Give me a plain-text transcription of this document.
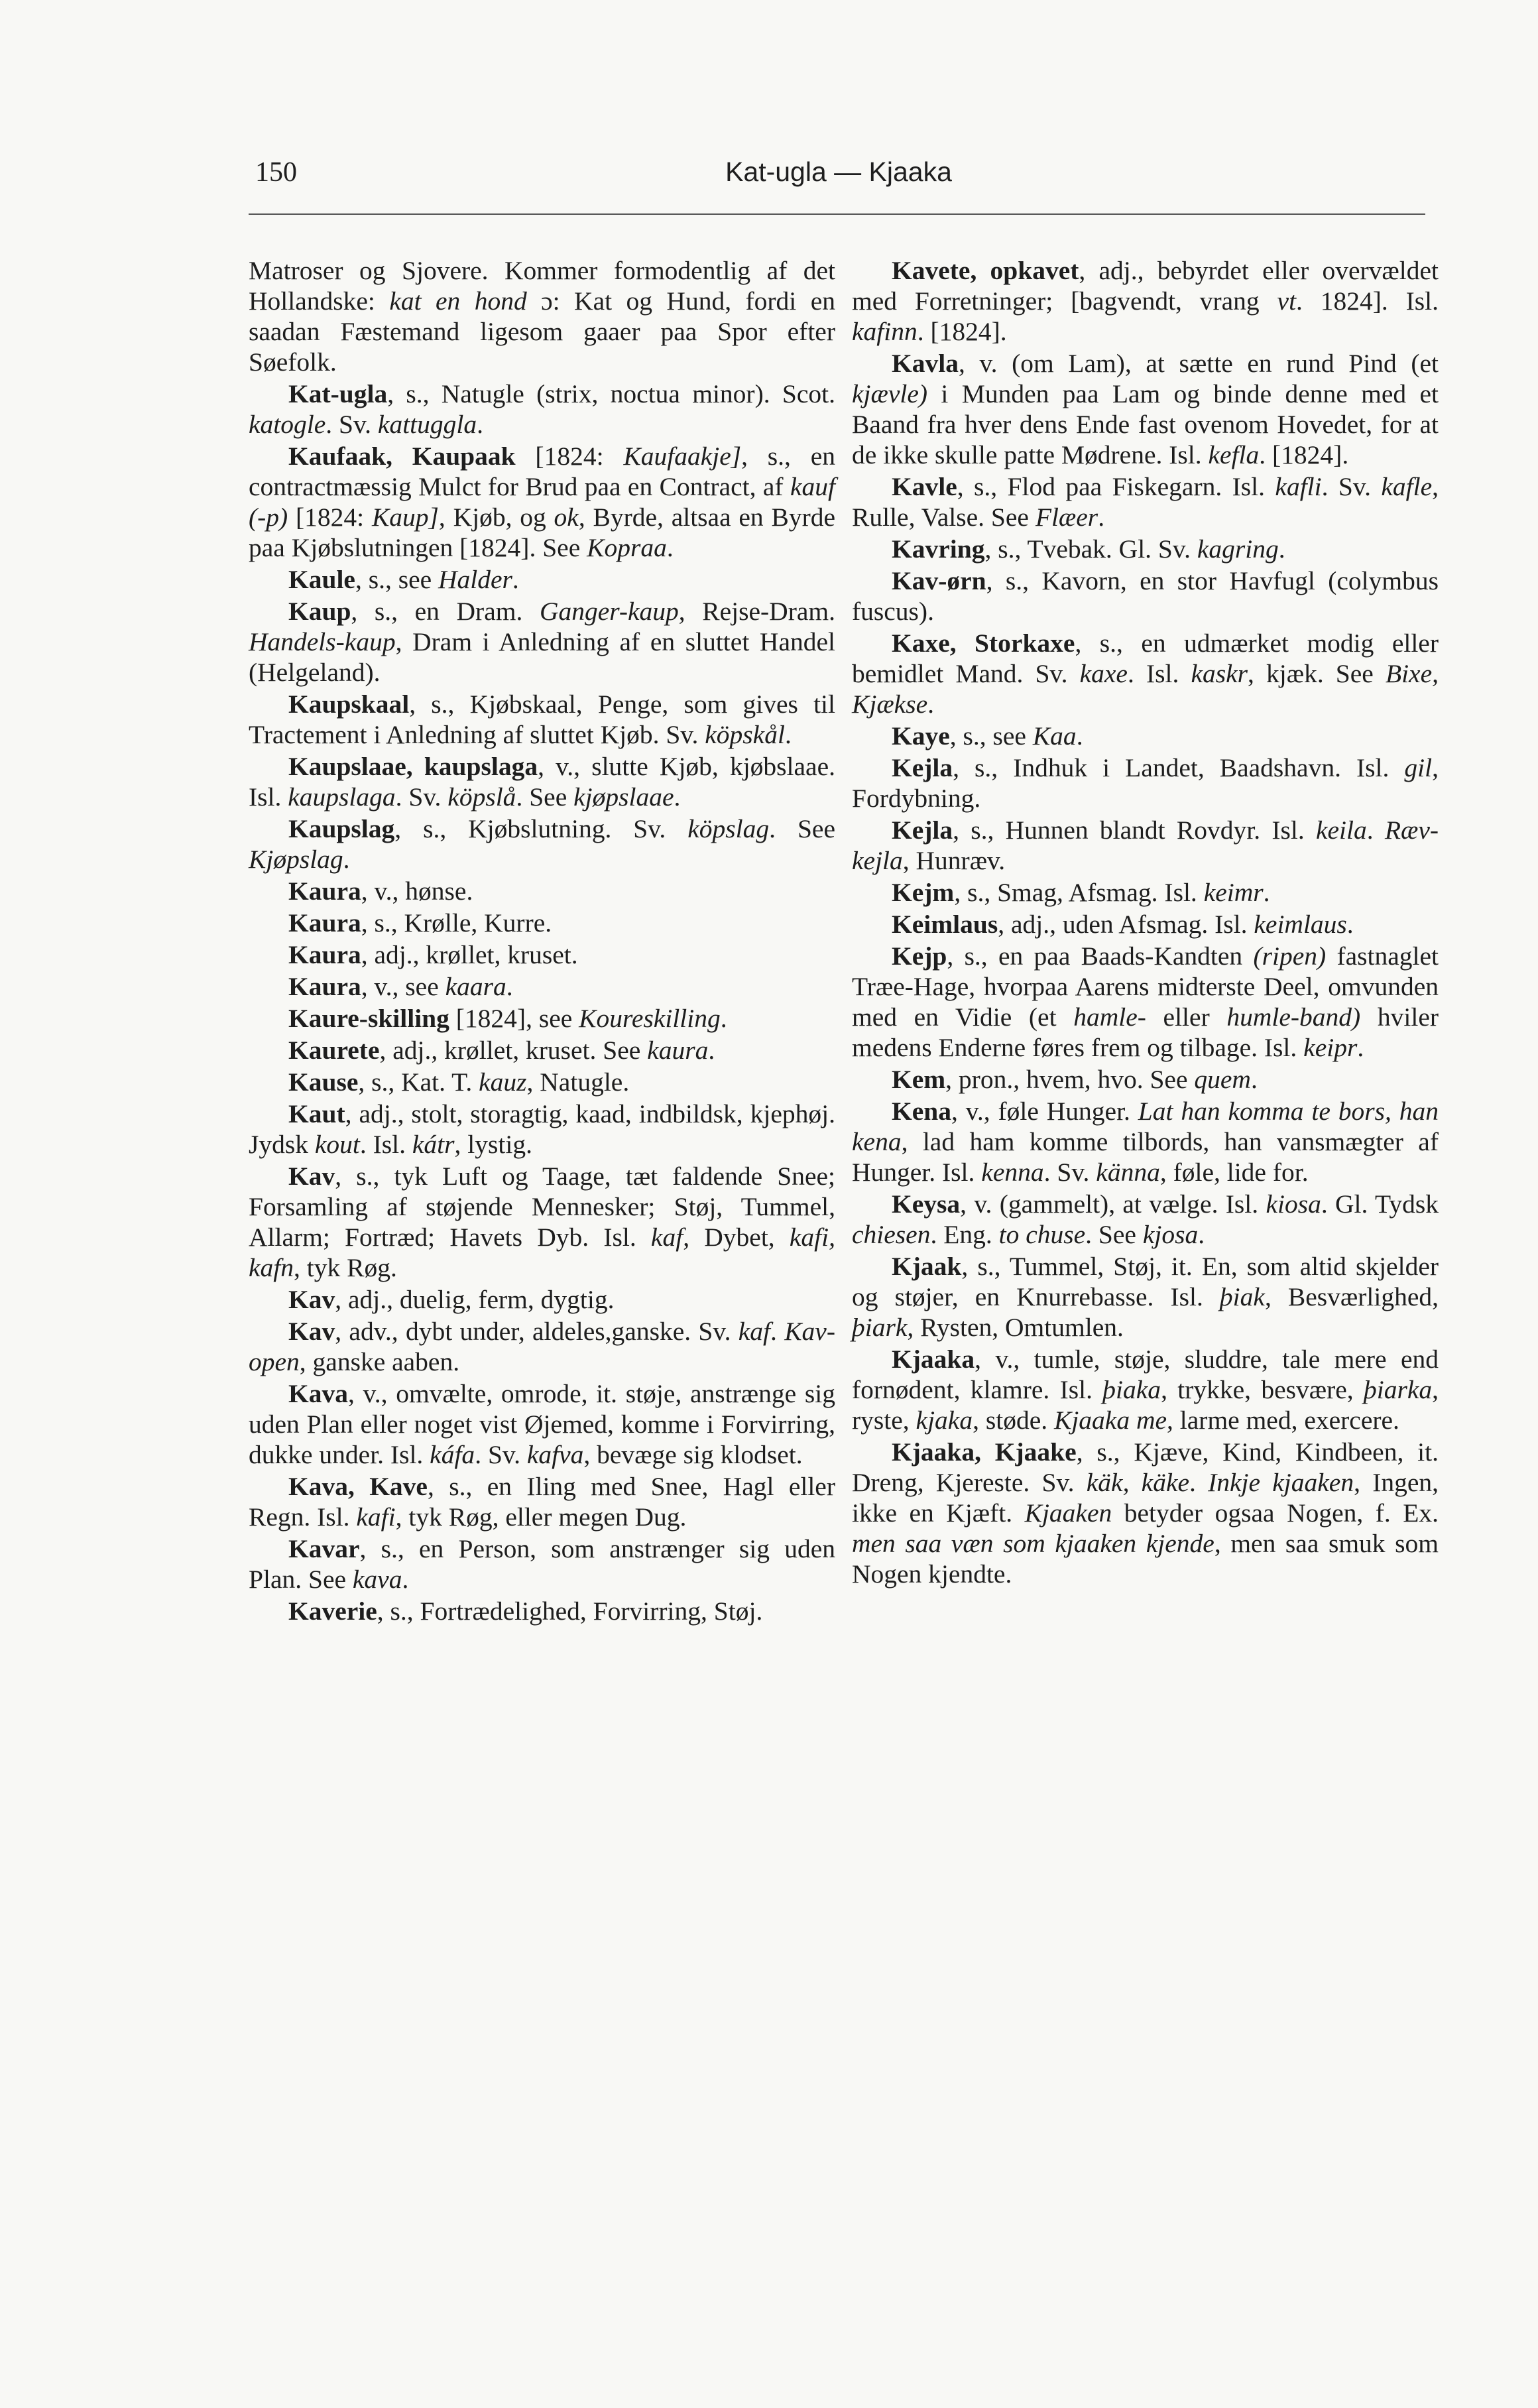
150	Kat-ugla — Kjaaka

Matroser og Sjovere. Kommer formodentlig af det Hollandske: kat en hond ɔ: Kat og Hund, fordi en saadan Fæstemand ligesom gaaer paa Spor efter Søefolk.

Kat-ugla, s., Natugle (strix, noctua minor). Scot. katogle. Sv. kattuggla.

Kaufaak, Kaupaak [1824: Kaufaakje], s., en contractmæssig Mulct for Brud paa en Contract, af kauf (-p) [1824: Kaup], Kjøb, og ok, Byrde, altsaa en Byrde paa Kjøbslutningen [1824]. See Kopraa.

Kaule, s., see Halder.

Kaup, s., en Dram. Ganger-kaup, Rejse-Dram. Handels-kaup, Dram i Anledning af en sluttet Handel (Helgeland).

Kaupskaal, s., Kjøbskaal, Penge, som gives til Tractement i Anledning af sluttet Kjøb. Sv. köpskål.

Kaupslaae, kaupslaga, v., slutte Kjøb, kjøbslaae. Isl. kaupslaga. Sv. köpslå. See kjøpslaae.

Kaupslag, s., Kjøbslutning. Sv. köpslag. See Kjøpslag.

Kaura, v., hønse.

Kaura, s., Krølle, Kurre.

Kaura, adj., krøllet, kruset.

Kaura, v., see kaara.

Kaure-skilling [1824], see Koureskilling.

Kaurete, adj., krøllet, kruset. See kaura.

Kause, s., Kat. T. kauz, Natugle.

Kaut, adj., stolt, storagtig, kaad, indbildsk, kjephøj. Jydsk kout. Isl. kátr, lystig.

Kav, s., tyk Luft og Taage, tæt faldende Snee; Forsamling af støjende Mennesker; Støj, Tummel, Allarm; Fortræd; Havets Dyb. Isl. kaf, Dybet, kafi, kafn, tyk Røg.

Kav, adj., duelig, ferm, dygtig.

Kav, adv., dybt under, aldeles,ganske. Sv. kaf. Kav-open, ganske aaben.

Kava, v., omvælte, omrode, it. støje, anstrænge sig uden Plan eller noget vist Øjemed, komme i Forvirring, dukke under. Isl. káfa. Sv. kafva, bevæge sig klodset.

Kava, Kave, s., en Iling med Snee, Hagl eller Regn. Isl. kafi, tyk Røg, eller megen Dug.

Kavar, s., en Person, som anstrænger sig uden Plan. See kava.

Kaverie, s., Fortrædelighed, Forvirring, Støj.

Kavete, opkavet, adj., bebyrdet eller overvældet med Forretninger; [bagvendt, vrang vt. 1824]. Isl. kafinn. [1824].

Kavla, v. (om Lam), at sætte en rund Pind (et kjævle) i Munden paa Lam og binde denne med et Baand fra hver dens Ende fast ovenom Hovedet, for at de ikke skulle patte Mødrene. Isl. kefla. [1824].

Kavle, s., Flod paa Fiskegarn. Isl. kafli. Sv. kafle, Rulle, Valse. See Flæer.

Kavring, s., Tvebak. Gl. Sv. kagring.

Kav-ørn, s., Kavorn, en stor Havfugl (colymbus fuscus).

Kaxe, Storkaxe, s., en udmærket modig eller bemidlet Mand. Sv. kaxe. Isl. kaskr, kjæk. See Bixe, Kjækse.

Kaye, s., see Kaa.

Kejla, s., Indhuk i Landet, Baadshavn. Isl. gil, Fordybning.

Kejla, s., Hunnen blandt Rovdyr. Isl. keila. Ræv-kejla, Hunræv.

Kejm, s., Smag, Afsmag. Isl. keimr.

Keimlaus, adj., uden Afsmag. Isl. keimlaus.

Kejp, s., en paa Baads-Kandten (ripen) fastnaglet Træe-Hage, hvorpaa Aarens midterste Deel, omvunden med en Vidie (et hamle- eller humle-band) hviler medens Enderne føres frem og tilbage. Isl. keipr.

Kem, pron., hvem, hvo. See quem.

Kena, v., føle Hunger. Lat han komma te bors, han kena, lad ham komme tilbords, han vansmægter af Hunger. Isl. kenna. Sv. känna, føle, lide for.

Keysa, v. (gammelt), at vælge. Isl. kiosa. Gl. Tydsk chiesen. Eng. to chuse. See kjosa.

Kjaak, s., Tummel, Støj, it. En, som altid skjelder og støjer, en Knurrebasse. Isl. þiak, Besværlighed, þiark, Rysten, Omtumlen.

Kjaaka, v., tumle, støje, sluddre, tale mere end fornødent, klamre. Isl. þiaka, trykke, besvære, þiarka, ryste, kjaka, støde. Kjaaka me, larme med, exercere.

Kjaaka, Kjaake, s., Kjæve, Kind, Kindbeen, it. Dreng, Kjereste. Sv. käk, käke. Inkje kjaaken, Ingen, ikke en Kjæft. Kjaaken betyder ogsaa Nogen, f. Ex. men saa væn som kjaaken kjende, men saa smuk som Nogen kjendte.
